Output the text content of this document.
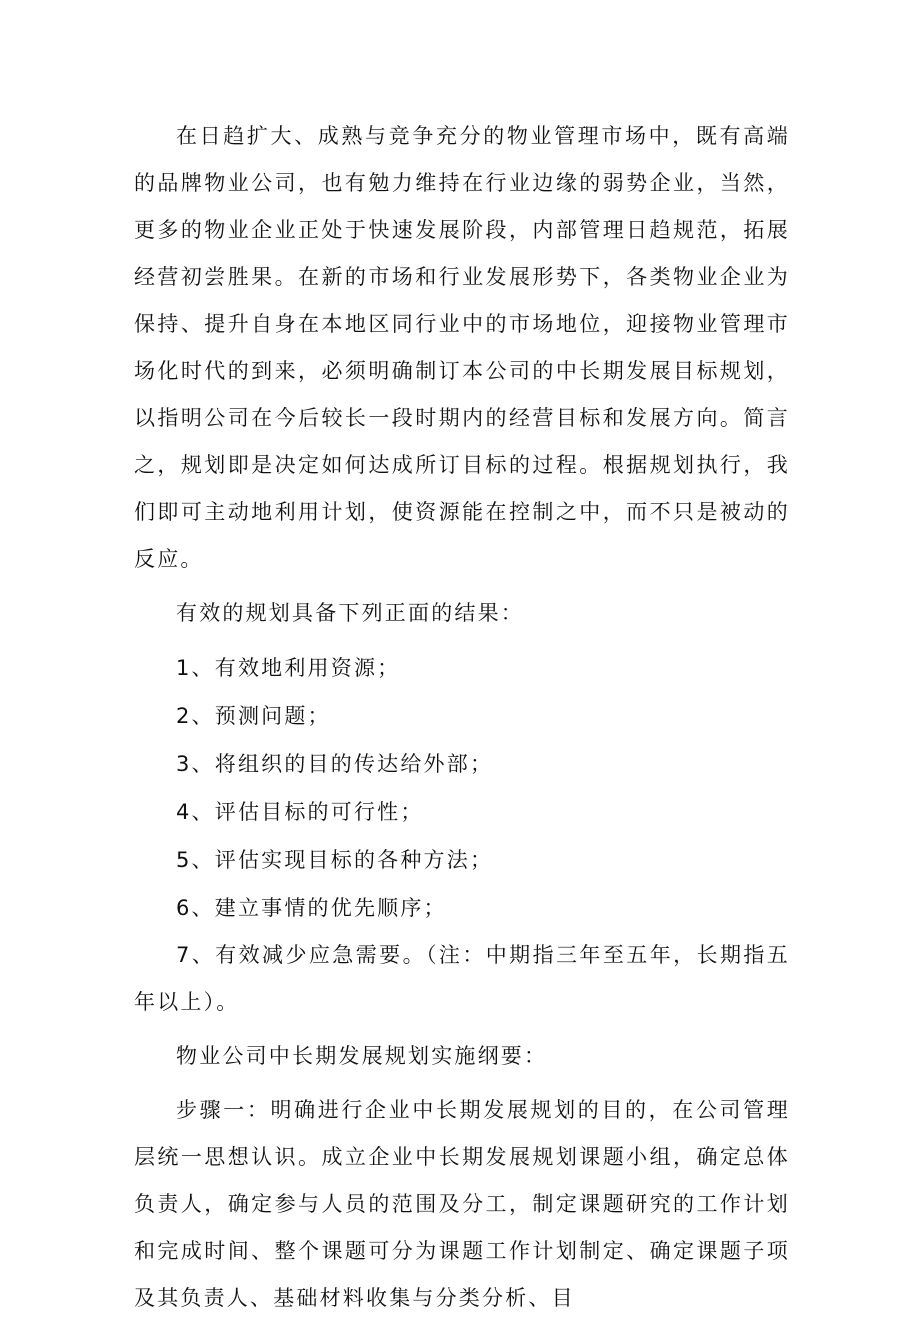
在日趋扩大、成熟与竞争充分的物业管理市场中，既有高端的品牌物业公司，也有勉力维持在行业边缘的弱势企业，当然，更多的物业企业正处于快速发展阶段，内部管理日趋规范，拓展经营初尝胜果。在新的市场和行业发展形势下，各类物业企业为保持、提升自身在本地区同行业中的市场地位，迎接物业管理市场化时代的到来，必须明确制订本公司的中长期发展目标规划，以指明公司在今后较长一段时期内的经营目标和发展方向。简言之，规划即是决定如何达成所订目标的过程。根据规划执行，我们即可主动地利用计划，使资源能在控制之中，而不只是被动的反应。

有效的规划具备下列正面的结果：

1、有效地利用资源；

2、预测问题；

3、将组织的目的传达给外部；

4、评估目标的可行性；

5、评估实现目标的各种方法；

6、建立事情的优先顺序；

7、有效减少应急需要。（注：中期指三年至五年，长期指五年以上）。

物业公司中长期发展规划实施纲要：

步骤一：明确进行企业中长期发展规划的目的，在公司管理层统一思想认识。成立企业中长期发展规划课题小组，确定总体负责人，确定参与人员的范围及分工，制定课题研究的工作计划和完成时间、整个课题可分为课题工作计划制定、确定课题子项及其负责人、基础材料收集与分类分析、目
